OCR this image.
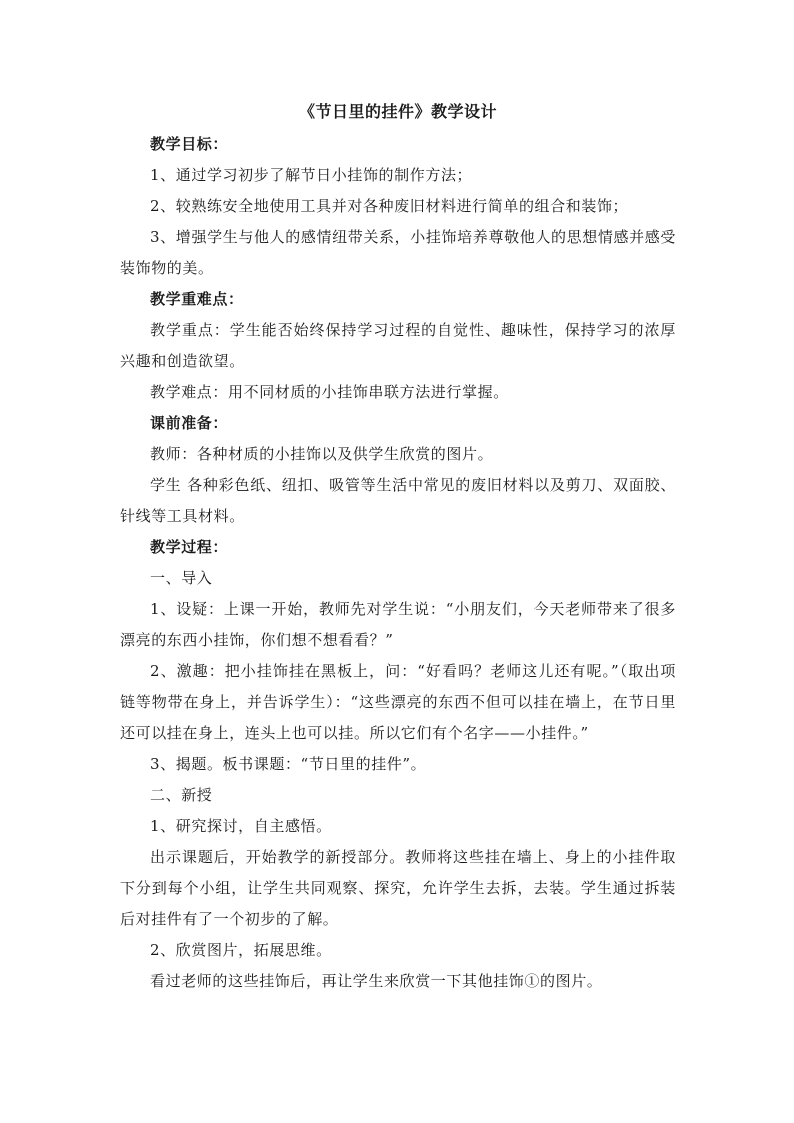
《节日里的挂件》教学设计

教学目标：

1、通过学习初步了解节日小挂饰的制作方法；

2、较熟练安全地使用工具并对各种废旧材料进行简单的组合和装饰；

3、增强学生与他人的感情纽带关系，小挂饰培养尊敬他人的思想情感并感受装饰物的美。

教学重难点：

教学重点：学生能否始终保持学习过程的自觉性、趣味性，保持学习的浓厚兴趣和创造欲望。

教学难点：用不同材质的小挂饰串联方法进行掌握。

课前准备：

教师：各种材质的小挂饰以及供学生欣赏的图片。

学生 各种彩色纸、纽扣、吸管等生活中常见的废旧材料以及剪刀、双面胶、针线等工具材料。

教学过程：

一、导入

1、设疑：上课一开始，教师先对学生说：“小朋友们，今天老师带来了很多漂亮的东西小挂饰，你们想不想看看？”

2、激趣：把小挂饰挂在黑板上，问：“好看吗？老师这儿还有呢。”（取出项链等物带在身上，并告诉学生）：“这些漂亮的东西不但可以挂在墙上，在节日里还可以挂在身上，连头上也可以挂。所以它们有个名字——小挂件。”

3、揭题。板书课题：“节日里的挂件”。

二、新授

1、研究探讨，自主感悟。

出示课题后，开始教学的新授部分。教师将这些挂在墙上、身上的小挂件取下分到每个小组，让学生共同观察、探究，允许学生去拆，去装。学生通过拆装后对挂件有了一个初步的了解。

2、欣赏图片，拓展思维。

看过老师的这些挂饰后，再让学生来欣赏一下其他挂饰①的图片。
